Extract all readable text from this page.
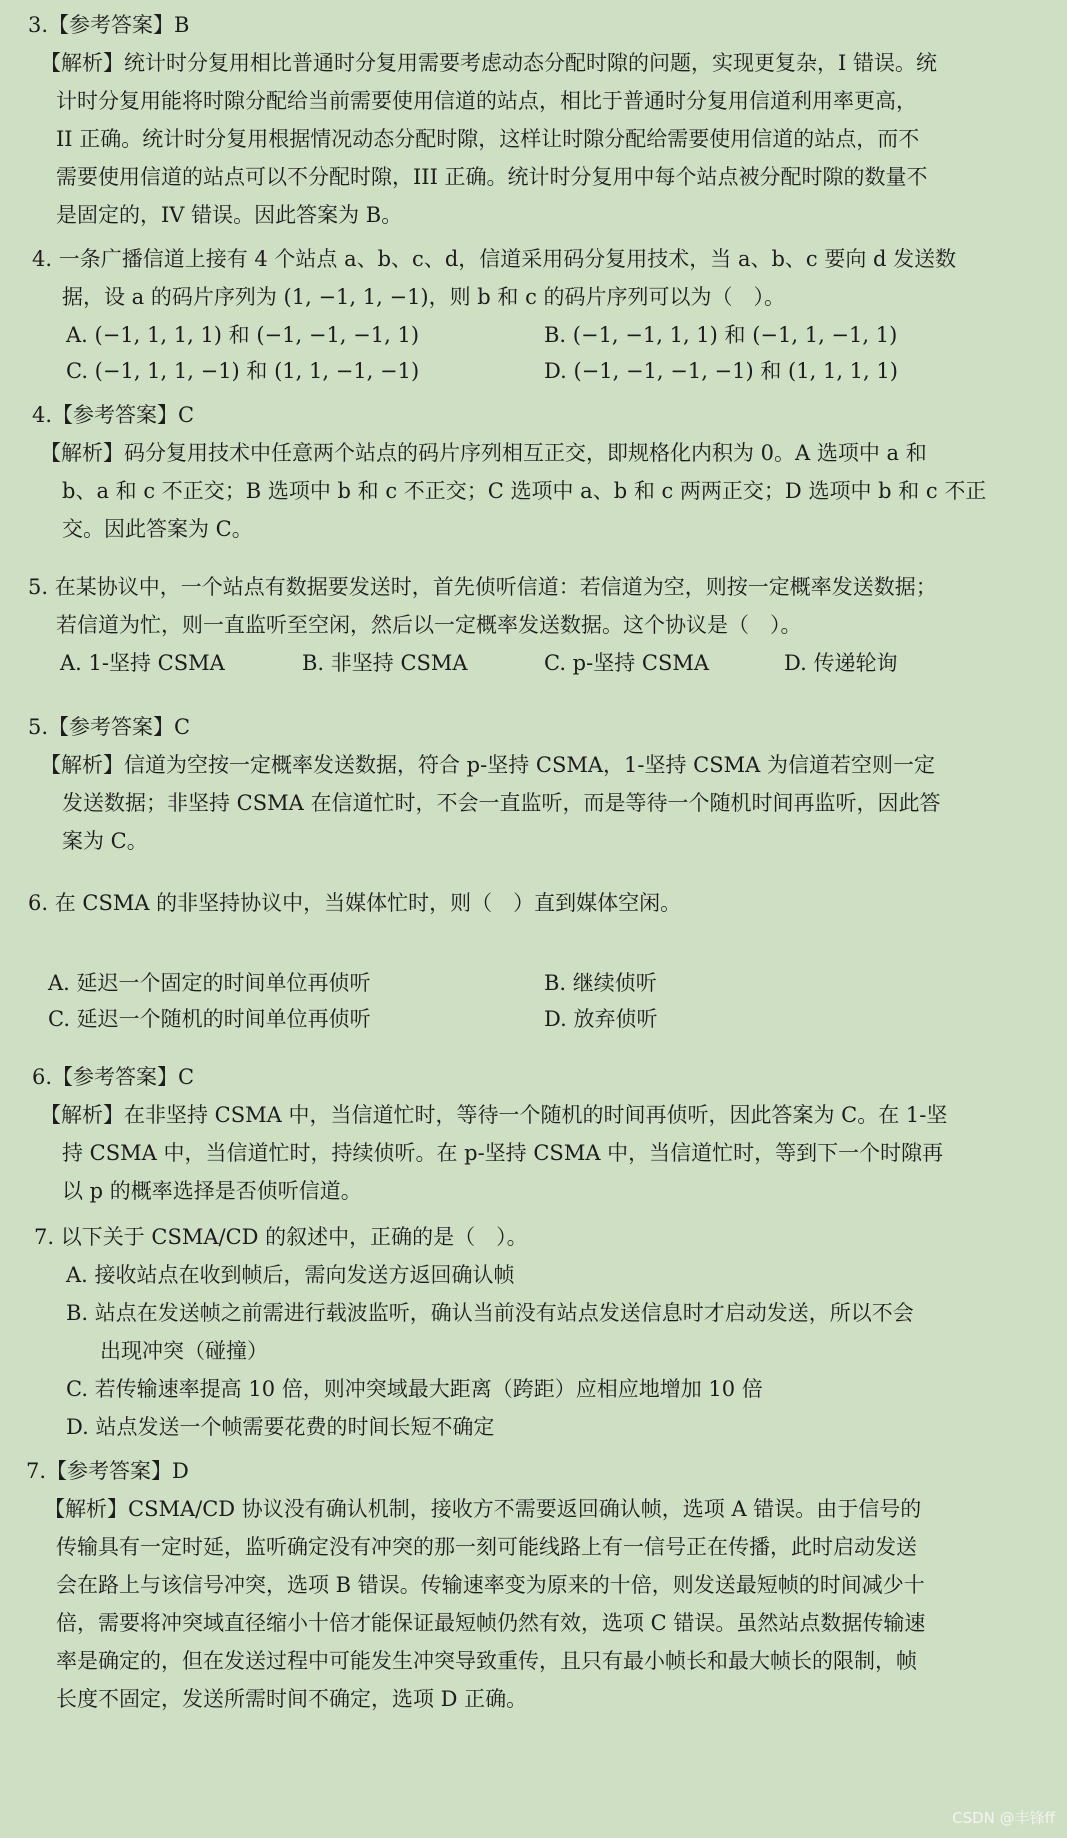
3.【参考答案】B
【解析】统计时分复用相比普通时分复用需要考虑动态分配时隙的问题，实现更复杂，I 错误。统
计时分复用能将时隙分配给当前需要使用信道的站点，相比于普通时分复用信道利用率更高，
II 正确。统计时分复用根据情况动态分配时隙，这样让时隙分配给需要使用信道的站点，而不
需要使用信道的站点可以不分配时隙，III 正确。统计时分复用中每个站点被分配时隙的数量不
是固定的，IV 错误。因此答案为 B。
4. 一条广播信道上接有 4 个站点 a、b、c、d，信道采用码分复用技术，当 a、b、c 要向 d 发送数
据，设 a 的码片序列为 (1, −1, 1, −1)，则 b 和 c 的码片序列可以为（　）。
A. (−1, 1, 1, 1) 和 (−1, −1, −1, 1)	B. (−1, −1, 1, 1) 和 (−1, 1, −1, 1)
C. (−1, 1, 1, −1) 和 (1, 1, −1, −1)	D. (−1, −1, −1, −1) 和 (1, 1, 1, 1)
4.【参考答案】C
【解析】码分复用技术中任意两个站点的码片序列相互正交，即规格化内积为 0。A 选项中 a 和
b、a 和 c 不正交；B 选项中 b 和 c 不正交；C 选项中 a、b 和 c 两两正交；D 选项中 b 和 c 不正
交。因此答案为 C。
5. 在某协议中，一个站点有数据要发送时，首先侦听信道：若信道为空，则按一定概率发送数据；
若信道为忙，则一直监听至空闲，然后以一定概率发送数据。这个协议是（　）。
A. 1-坚持 CSMA	B. 非坚持 CSMA	C. p-坚持 CSMA	D. 传递轮询
5.【参考答案】C
【解析】信道为空按一定概率发送数据，符合 p-坚持 CSMA，1-坚持 CSMA 为信道若空则一定
发送数据；非坚持 CSMA 在信道忙时，不会一直监听，而是等待一个随机时间再监听，因此答
案为 C。
6. 在 CSMA 的非坚持协议中，当媒体忙时，则（　）直到媒体空闲。
A. 延迟一个固定的时间单位再侦听	B. 继续侦听
C. 延迟一个随机的时间单位再侦听	D. 放弃侦听
6.【参考答案】C
【解析】在非坚持 CSMA 中，当信道忙时，等待一个随机的时间再侦听，因此答案为 C。在 1-坚
持 CSMA 中，当信道忙时，持续侦听。在 p-坚持 CSMA 中，当信道忙时，等到下一个时隙再
以 p 的概率选择是否侦听信道。
7. 以下关于 CSMA/CD 的叙述中，正确的是（　）。
A. 接收站点在收到帧后，需向发送方返回确认帧
B. 站点在发送帧之前需进行载波监听，确认当前没有站点发送信息时才启动发送，所以不会
出现冲突（碰撞）
C. 若传输速率提高 10 倍，则冲突域最大距离（跨距）应相应地增加 10 倍
D. 站点发送一个帧需要花费的时间长短不确定
7.【参考答案】D
【解析】CSMA/CD 协议没有确认机制，接收方不需要返回确认帧，选项 A 错误。由于信号的
传输具有一定时延，监听确定没有冲突的那一刻可能线路上有一信号正在传播，此时启动发送
会在路上与该信号冲突，选项 B 错误。传输速率变为原来的十倍，则发送最短帧的时间减少十
倍，需要将冲突域直径缩小十倍才能保证最短帧仍然有效，选项 C 错误。虽然站点数据传输速
率是确定的，但在发送过程中可能发生冲突导致重传，且只有最小帧长和最大帧长的限制，帧
长度不固定，发送所需时间不确定，选项 D 正确。
CSDN @丰锋ff
